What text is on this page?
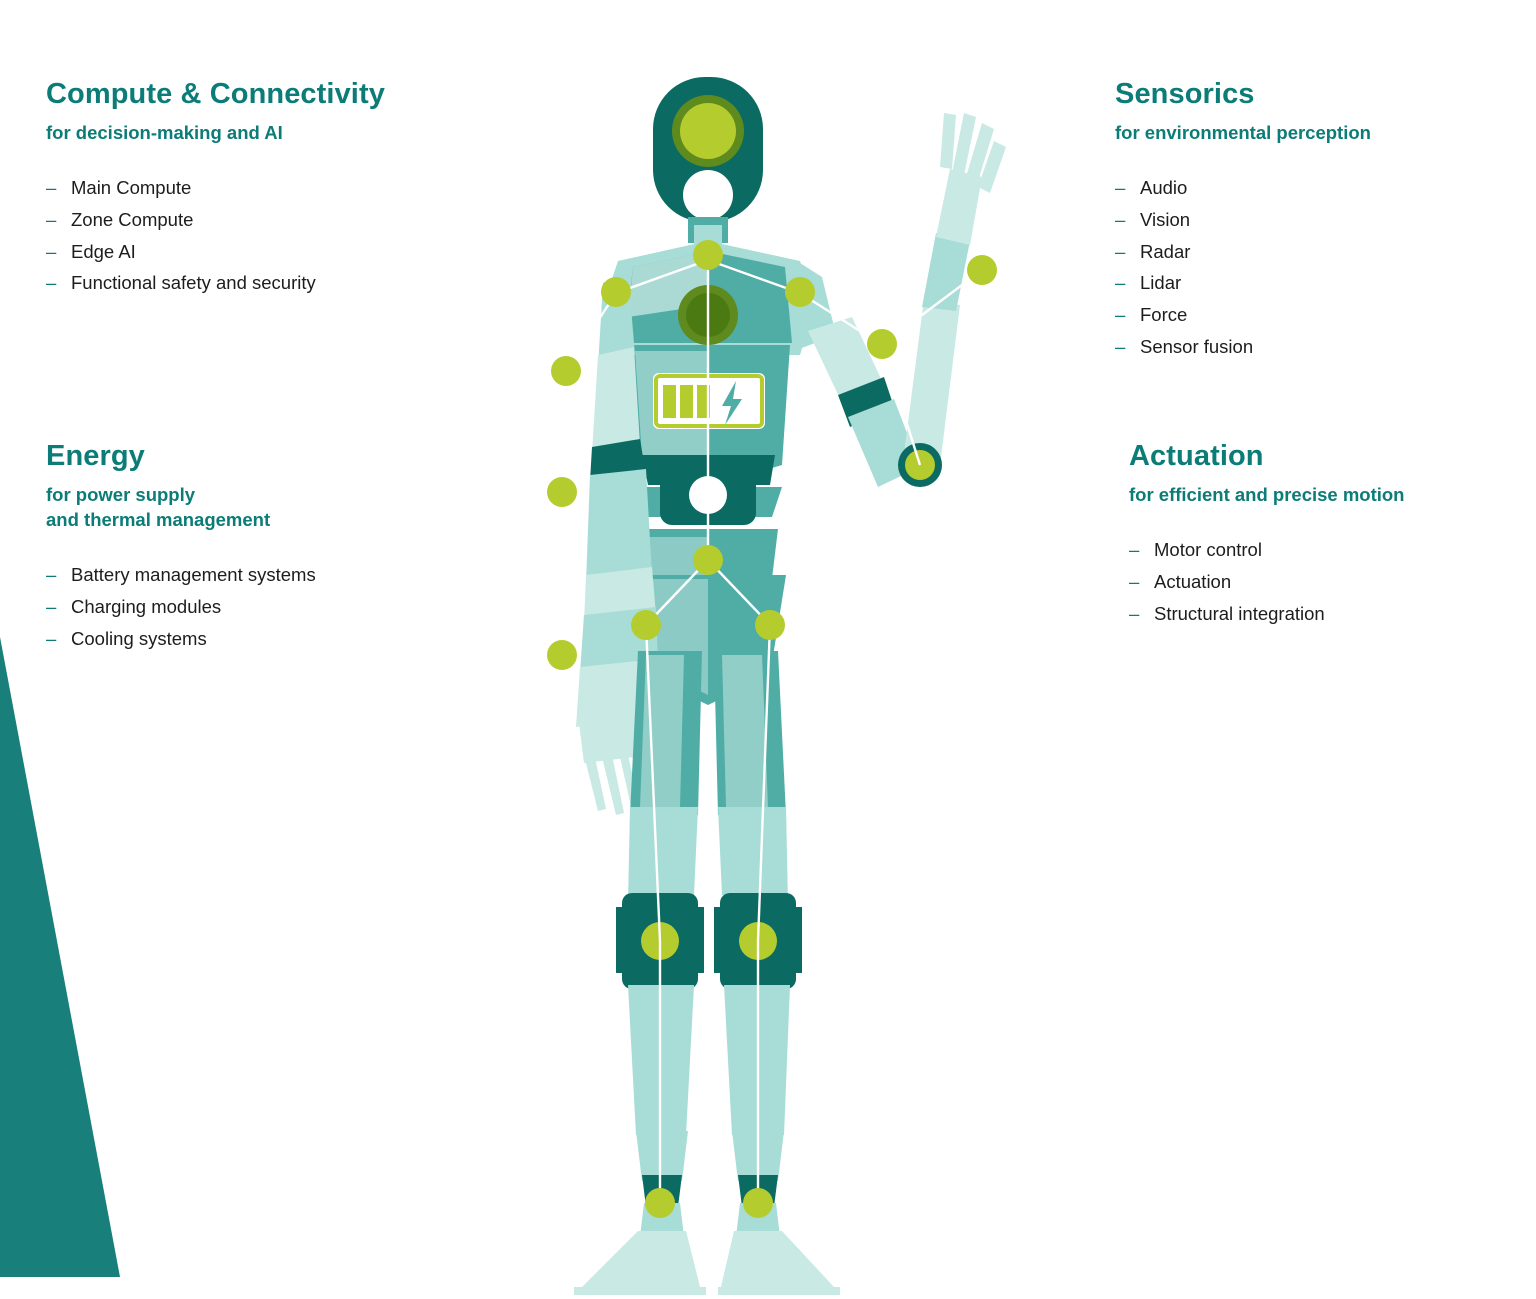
Compute & Connectivity

for decision-making and AI

– Main Compute
– Zone Compute
– Edge AI
– Functional safety and security
Energy

for power supply
and thermal management

– Battery management systems
– Charging modules
– Cooling systems
Sensorics

for environmental perception

– Audio
– Vision
– Radar
– Lidar
– Force
– Sensor fusion
Actuation

for efficient and precise motion

– Motor control
– Actuation
– Structural integration
